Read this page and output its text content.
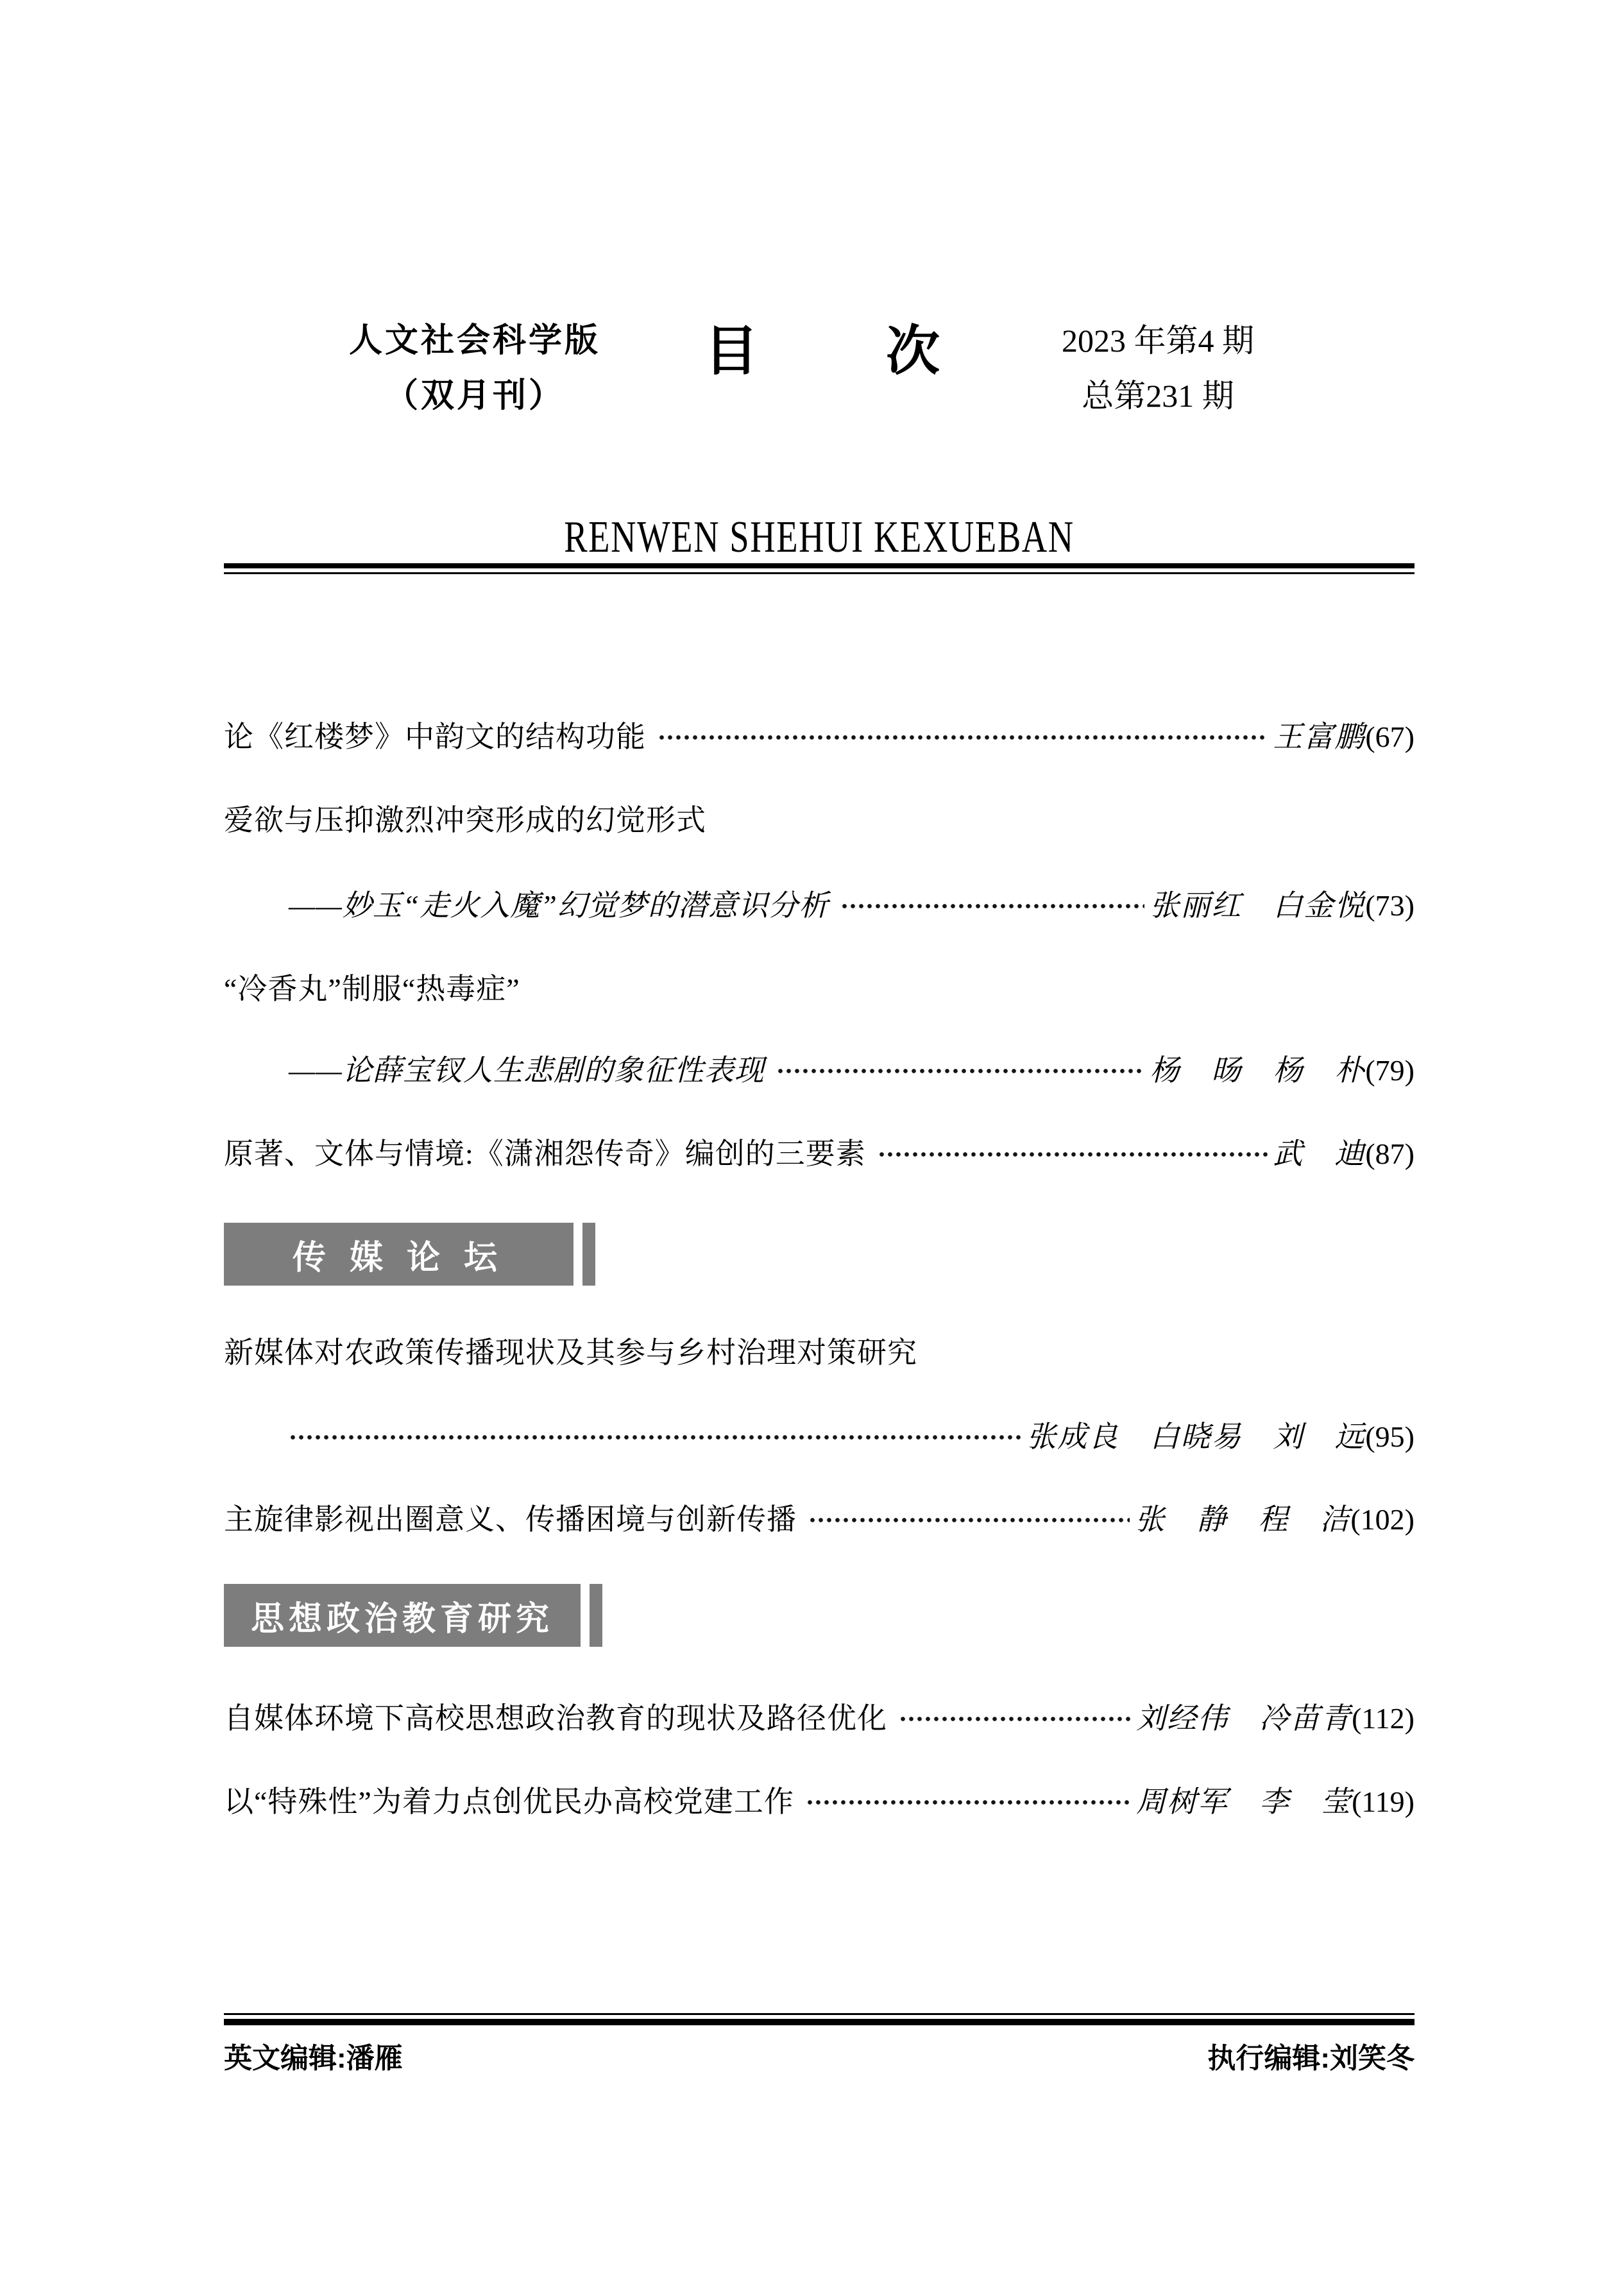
人文社会科学版
（双月刊）
目 次	2023 年第4 期
总第231 期
RENWEN SHEHUI KEXUEBAN
论《红楼梦》中韵文的结构功能	王富鹏 (67)
爱欲与压抑激烈冲突形成的幻觉形式
——妙玉“走火入魔”幻觉梦的潜意识分析	张丽红　白金悦 (73)
“冷香丸”制服“热毒症”
——论薛宝钗人生悲剧的象征性表现	杨　旸　杨　朴 (79)
原著、文体与情境:《潇湘怨传奇》编创的三要素	武　迪 (87)
传 媒 论 坛
新媒体对农政策传播现状及其参与乡村治理对策研究
张成良　白晓易　刘　远 (95)
主旋律影视出圈意义、传播困境与创新传播	张　静　程　洁 (102)
思想政治教育研究
自媒体环境下高校思想政治教育的现状及路径优化	刘经伟　冷苗青 (112)
以“特殊性”为着力点创优民办高校党建工作	周树军　李　莹 (119)
英文编辑:潘雁	执行编辑:刘笑冬
